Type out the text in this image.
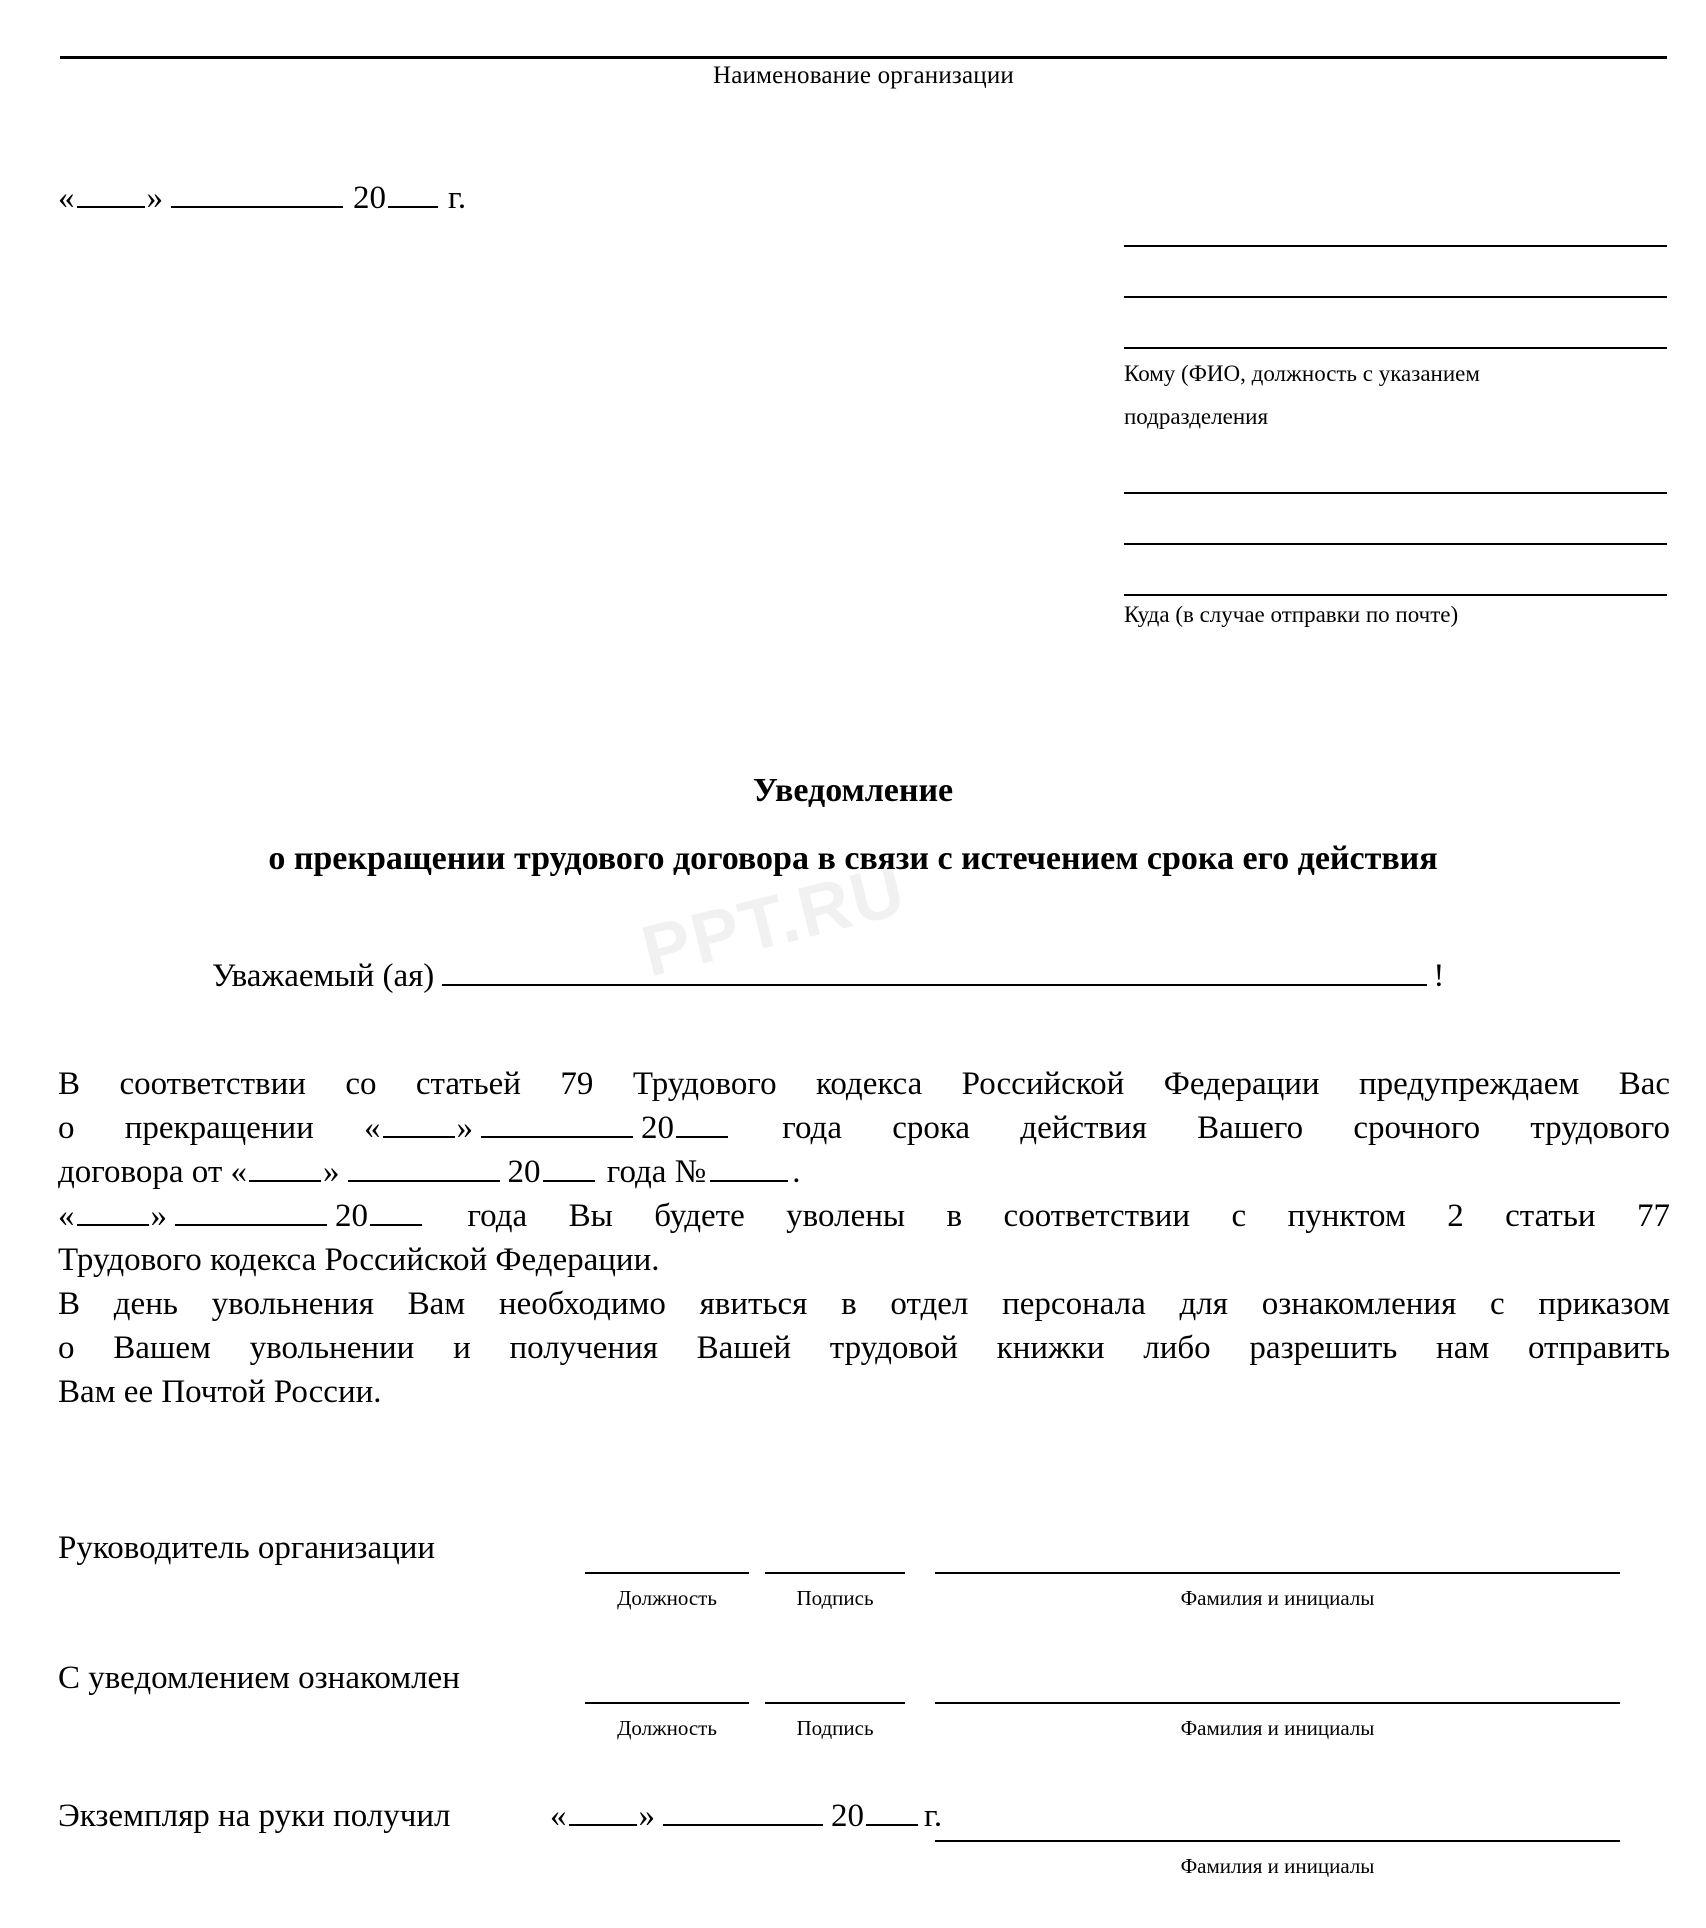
Наименование организации
« »	20 г.
Кому (ФИО, должность с указанием
подразделения
Куда (в случае отправки по почте)
PPT.RU
Уведомление
о прекращении трудового договора в связи с истечением срока его действия
Уважаемый (ая)	!

В соответствии со статьей 79 Трудового кодекса Российской Федерации предупреждаем Вас

о прекращении « »	20	года срока действия Вашего срочного трудового

договора от « »	20 года №	.

« »	20	года Вы будете уволены в соответствии с пунктом 2 статьи 77

Трудового кодекса Российской Федерации.

В день увольнения Вам необходимо явиться в отдел персонала для ознакомления с приказом

о Вашем увольнении и получения Вашей трудовой книжки либо разрешить нам отправить

Вам ее Почтой России.

Руководитель организации
Должность	Подпись	Фамилия и инициалы
С уведомлением ознакомлен
Должность	Подпись	Фамилия и инициалы
Экземпляр на руки получил	« »	20 г.
Фамилия и инициалы
